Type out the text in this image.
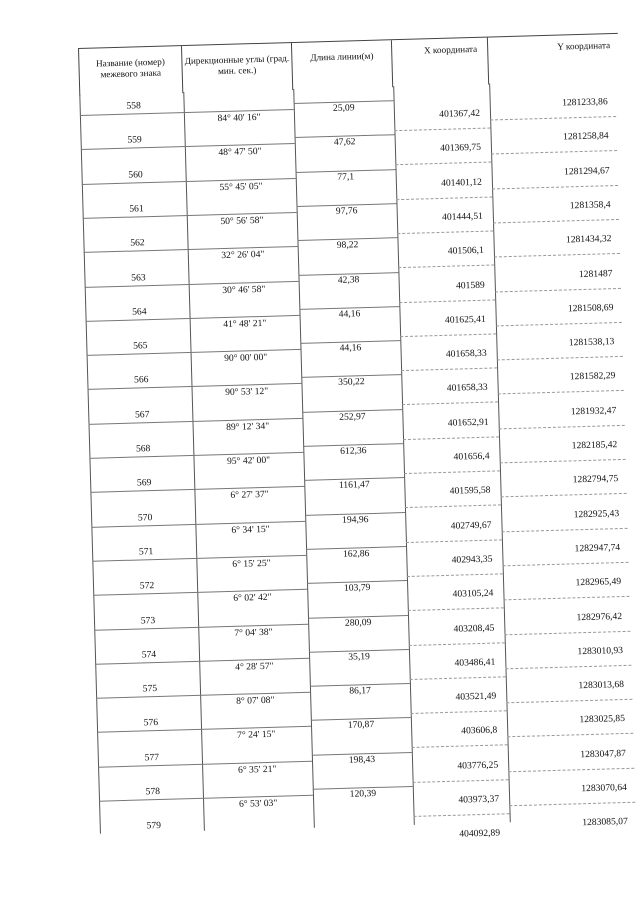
Название (номер) межевого знака
Дирекционные углы (град. мин. сек.)
Длина линии(м)
X координата	Y координата
558
401367,42
1281233,86
559
401369,75
1281258,84
560
401401,12
1281294,67
561
401444,51
1281358,4
562
401506,1
1281434,32
563
401589
1281487
564
401625,41
1281508,69
565
401658,33
1281538,13
566
401658,33
1281582,29
567
401652,91
1281932,47
568
401656,4
1282185,42
569
401595,58
1282794,75
570
402749,67
1282925,43
571
402943,35
1282947,74
572
403105,24
1282965,49
573
403208,45
1282976,42
574
403486,41
1283010,93
575
403521,49
1283013,68
576
403606,8
1283025,85
577
403776,25
1283047,87
578
403973,37
1283070,64
579
404092,89
1283085,07
84° 40' 16"
25,09
48° 47' 50"
47,62
55° 45' 05"
77,1
50° 56' 58"
97,76
32° 26' 04"
98,22
30° 46' 58"
42,38
41° 48' 21"
44,16
90° 00' 00"
44,16
90° 53' 12"
350,22
89° 12' 34"
252,97
95° 42' 00"
612,36
6° 27' 37"
1161,47
6° 34' 15"
194,96
6° 15' 25"
162,86
6° 02' 42"
103,79
7° 04' 38"
280,09
4° 28' 57"
35,19
8° 07' 08"
86,17
7° 24' 15"
170,87
6° 35' 21"
198,43
6° 53' 03"
120,39
